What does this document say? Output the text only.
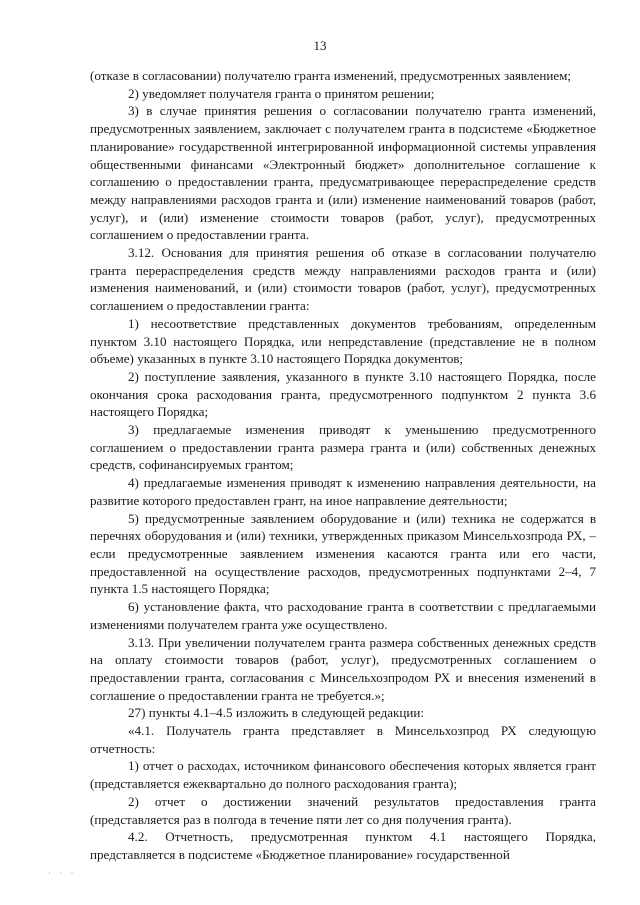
13

(отказе в согласовании) получателю гранта изменений, предусмотренных заявлением;

2) уведомляет получателя гранта о принятом решении;

3) в случае принятия решения о согласовании получателю гранта изменений, предусмотренных заявлением, заключает с получателем гранта в подсистеме «Бюджетное планирование» государственной интегрированной информационной системы управления общественными финансами «Электронный бюджет» дополнительное соглашение к соглашению о предоставлении гранта, предусматривающее перераспределение средств между направлениями расходов гранта и (или) изменение наименований товаров (работ, услуг), и (или) изменение стоимости товаров (работ, услуг), предусмотренных соглашением о предоставлении гранта.

3.12. Основания для принятия решения об отказе в согласовании получателю гранта перераспределения средств между направлениями расходов гранта и (или) изменения наименований, и (или) стоимости товаров (работ, услуг), предусмотренных соглашением о предоставлении гранта:

1) несоответствие представленных документов требованиям, определенным пунктом 3.10 настоящего Порядка, или непредставление (представление не в полном объеме) указанных в пункте 3.10 настоящего Порядка документов;

2) поступление заявления, указанного в пункте 3.10 настоящего Порядка, после окончания срока расходования гранта, предусмотренного подпунктом 2 пункта 3.6 настоящего Порядка;

3) предлагаемые изменения приводят к уменьшению предусмотренного соглашением о предоставлении гранта размера гранта и (или) собственных денежных средств, софинансируемых грантом;

4) предлагаемые изменения приводят к изменению направления деятельности, на развитие которого предоставлен грант, на иное направление деятельности;

5) предусмотренные заявлением оборудование и (или) техника не содержатся в перечнях оборудования и (или) техники, утвержденных приказом Минсельхозпрода РХ, – если предусмотренные заявлением изменения касаются гранта или его части, предоставленной на осуществление расходов, предусмотренных подпунктами 2–4, 7 пункта 1.5 настоящего Порядка;

6) установление факта, что расходование гранта в соответствии с предлагаемыми изменениями получателем гранта уже осуществлено.

3.13. При увеличении получателем гранта размера собственных денежных средств на оплату стоимости товаров (работ, услуг), предусмотренных соглашением о предоставлении гранта, согласования с Минсельхозпродом РХ и внесения изменений в соглашение о предоставлении гранта не требуется.»;

27) пункты 4.1–4.5 изложить в следующей редакции:

«4.1. Получатель гранта представляет в Минсельхозпрод РХ следующую отчетность:

1) отчет о расходах, источником финансового обеспечения которых является грант (представляется ежеквартально до полного расходования гранта);

2) отчет о достижении значений результатов предоставления гранта (представляется раз в полгода в течение пяти лет со дня получения гранта).

4.2. Отчетность, предусмотренная пунктом 4.1 настоящего Порядка, представляется в подсистеме «Бюджетное планирование» государственной

· · ·
